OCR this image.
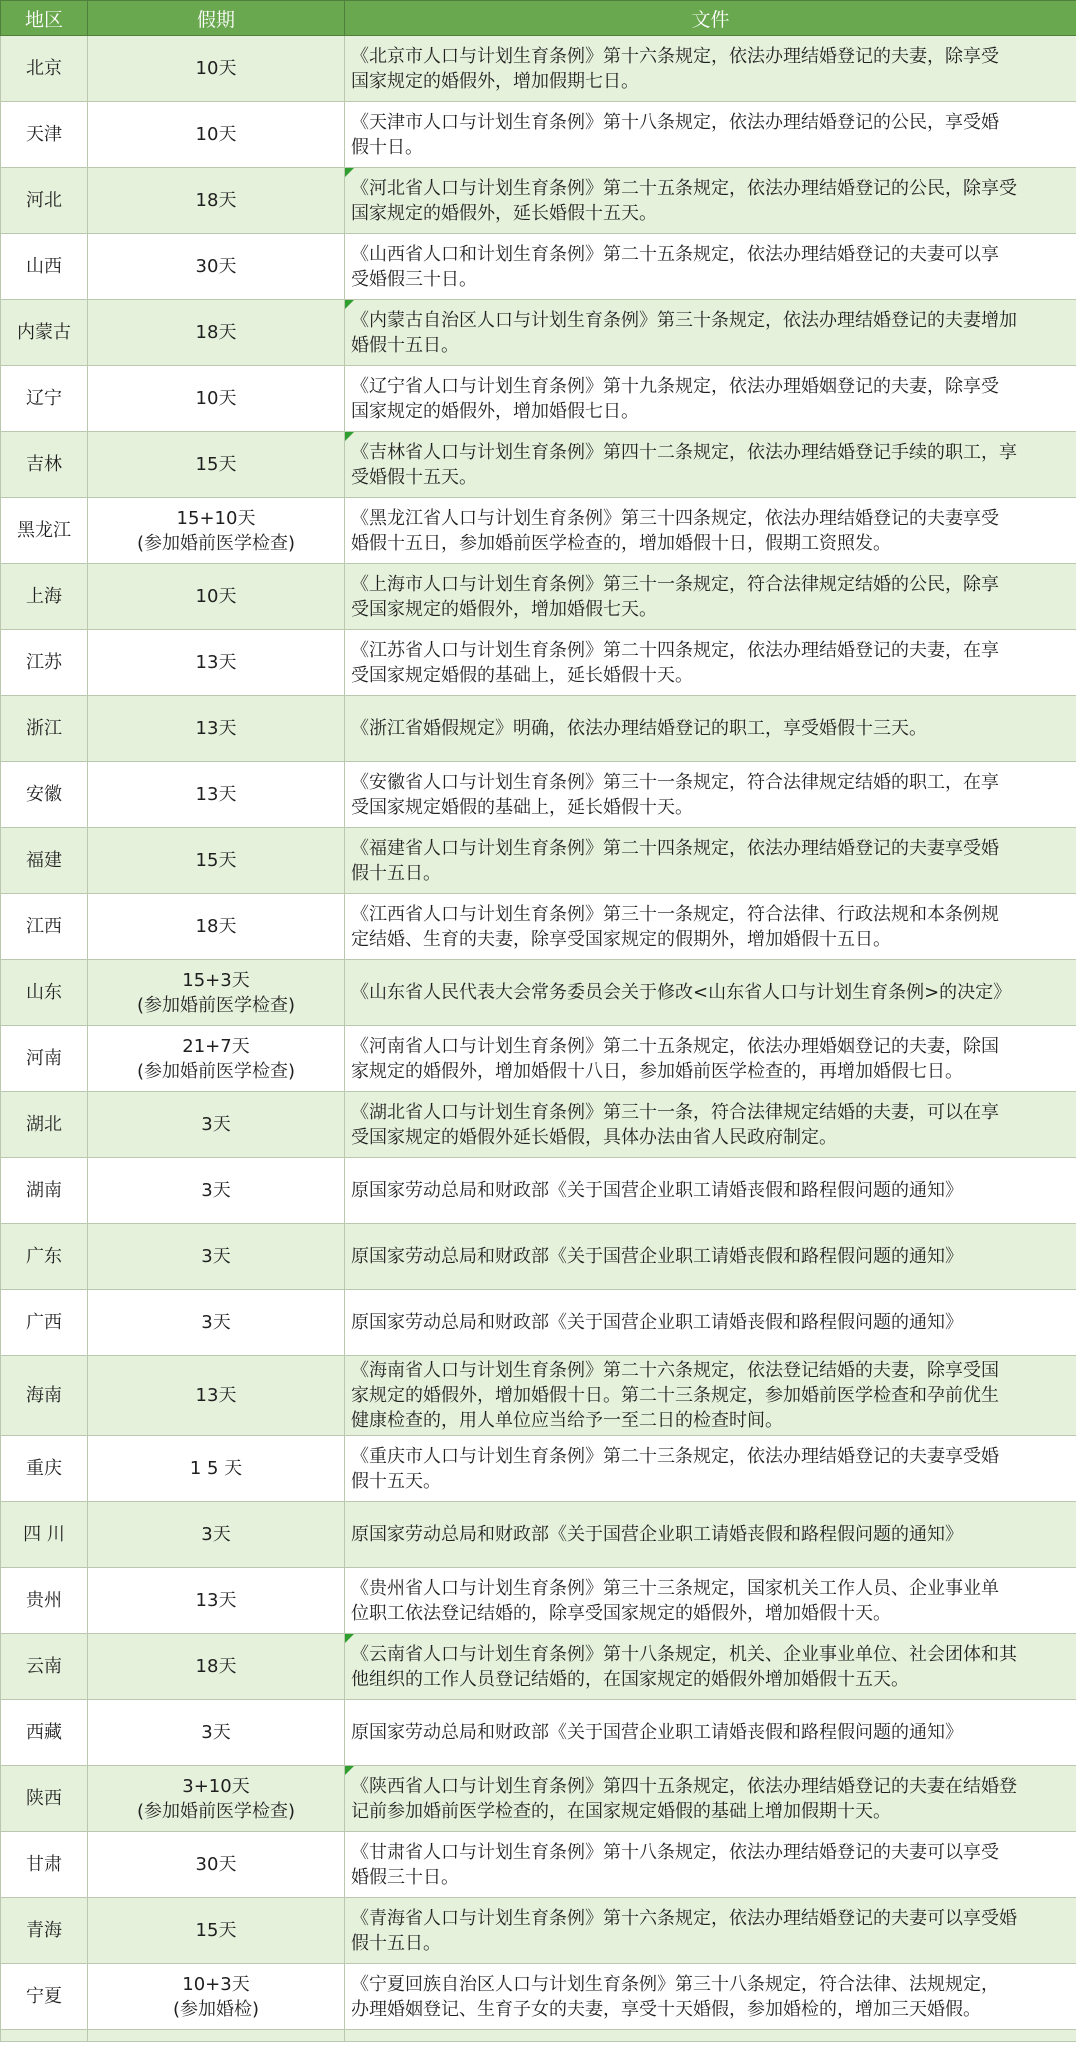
地区	假期	文件
北京	10天	《北京市人口与计划生育条例》第十六条规定，依法办理结婚登记的夫妻，除享受
国家规定的婚假外，增加假期七日。

天津	10天	《天津市人口与计划生育条例》第十八条规定，依法办理结婚登记的公民，享受婚
假十日。

河北	18天	《河北省人口与计划生育条例》第二十五条规定，依法办理结婚登记的公民，除享受
国家规定的婚假外，延长婚假十五天。

山西	30天	《山西省人口和计划生育条例》第二十五条规定，依法办理结婚登记的夫妻可以享
受婚假三十日。

内蒙古	18天	《内蒙古自治区人口与计划生育条例》第三十条规定，依法办理结婚登记的夫妻增加
婚假十五日。

辽宁	10天	《辽宁省人口与计划生育条例》第十九条规定，依法办理婚姻登记的夫妻，除享受
国家规定的婚假外，增加婚假七日。

吉林	15天	《吉林省人口与计划生育条例》第四十二条规定，依法办理结婚登记手续的职工，享
受婚假十五天。

黑龙江	15+10天
(参加婚前医学检查)	《黑龙江省人口与计划生育条例》第三十四条规定，依法办理结婚登记的夫妻享受
婚假十五日，参加婚前医学检查的，增加婚假十日，假期工资照发。

上海	10天	《上海市人口与计划生育条例》第三十一条规定，符合法律规定结婚的公民，除享
受国家规定的婚假外，增加婚假七天。

江苏	13天	《江苏省人口与计划生育条例》第二十四条规定，依法办理结婚登记的夫妻，在享
受国家规定婚假的基础上，延长婚假十天。

浙江	13天	《浙江省婚假规定》明确，依法办理结婚登记的职工，享受婚假十三天。

安徽	13天	《安徽省人口与计划生育条例》第三十一条规定，符合法律规定结婚的职工，在享
受国家规定婚假的基础上，延长婚假十天。

福建	15天	《福建省人口与计划生育条例》第二十四条规定，依法办理结婚登记的夫妻享受婚
假十五日。

江西	18天	《江西省人口与计划生育条例》第三十一条规定，符合法律、行政法规和本条例规
定结婚、生育的夫妻，除享受国家规定的假期外，增加婚假十五日。

山东	15+3天
(参加婚前医学检查)	《山东省人民代表大会常务委员会关于修改<山东省人口与计划生育条例>的决定》

河南	21+7天
(参加婚前医学检查)	《河南省人口与计划生育条例》第二十五条规定，依法办理婚姻登记的夫妻，除国
家规定的婚假外，增加婚假十八日，参加婚前医学检查的，再增加婚假七日。

湖北	3天	《湖北省人口与计划生育条例》第三十一条，符合法律规定结婚的夫妻，可以在享
受国家规定的婚假外延长婚假，具体办法由省人民政府制定。

湖南	3天	原国家劳动总局和财政部《关于国营企业职工请婚丧假和路程假问题的通知》

广东	3天	原国家劳动总局和财政部《关于国营企业职工请婚丧假和路程假问题的通知》

广西	3天	原国家劳动总局和财政部《关于国营企业职工请婚丧假和路程假问题的通知》

海南	13天	《海南省人口与计划生育条例》第二十六条规定，依法登记结婚的夫妻，除享受国
家规定的婚假外，增加婚假十日。第二十三条规定，参加婚前医学检查和孕前优生
健康检查的，用人单位应当给予一至二日的检查时间。

重庆	1 5 天	《重庆市人口与计划生育条例》第二十三条规定，依法办理结婚登记的夫妻享受婚
假十五天。

四 川	3天	原国家劳动总局和财政部《关于国营企业职工请婚丧假和路程假问题的通知》

贵州	13天	《贵州省人口与计划生育条例》第三十三条规定，国家机关工作人员、企业事业单
位职工依法登记结婚的，除享受国家规定的婚假外，增加婚假十天。

云南	18天	《云南省人口与计划生育条例》第十八条规定，机关、企业事业单位、社会团体和其
他组织的工作人员登记结婚的，在国家规定的婚假外增加婚假十五天。

西藏	3天	原国家劳动总局和财政部《关于国营企业职工请婚丧假和路程假问题的通知》

陕西	3+10天
(参加婚前医学检查)	《陕西省人口与计划生育条例》第四十五条规定，依法办理结婚登记的夫妻在结婚登
记前参加婚前医学检查的，在国家规定婚假的基础上增加假期十天。

甘肃	30天	《甘肃省人口与计划生育条例》第十八条规定，依法办理结婚登记的夫妻可以享受
婚假三十日。

青海	15天	《青海省人口与计划生育条例》第十六条规定，依法办理结婚登记的夫妻可以享受婚
假十五日。

宁夏	10+3天
(参加婚检)	《宁夏回族自治区人口与计划生育条例》第三十八条规定，符合法律、法规规定，
办理婚姻登记、生育子女的夫妻，享受十天婚假，参加婚检的，增加三天婚假。
